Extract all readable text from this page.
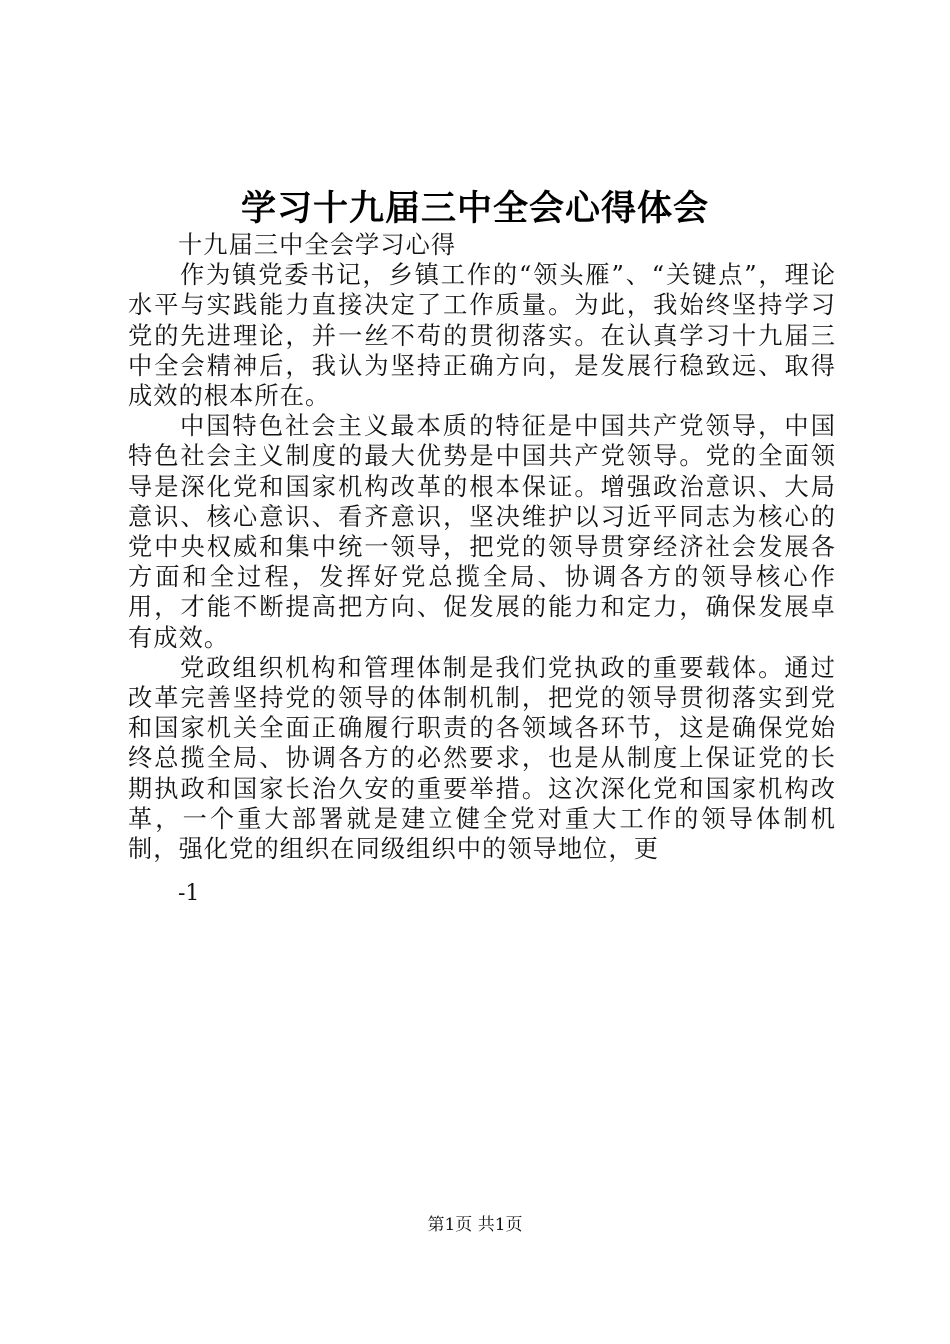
学习十九届三中全会心得体会

十九届三中全会学习心得

作为镇党委书记，乡镇工作的“领头雁”、“关键点”，理论水平与实践能力直接决定了工作质量。为此，我始终坚持学习党的先进理论，并一丝不苟的贯彻落实。在认真学习十九届三中全会精神后，我认为坚持正确方向，是发展行稳致远、取得成效的根本所在。

中国特色社会主义最本质的特征是中国共产党领导，中国特色社会主义制度的最大优势是中国共产党领导。党的全面领导是深化党和国家机构改革的根本保证。增强政治意识、大局意识、核心意识、看齐意识，坚决维护以习近平同志为核心的党中央权威和集中统一领导，把党的领导贯穿经济社会发展各方面和全过程，发挥好党总揽全局、协调各方的领导核心作用，才能不断提高把方向、促发展的能力和定力，确保发展卓有成效。

党政组织机构和管理体制是我们党执政的重要载体。通过改革完善坚持党的领导的体制机制，把党的领导贯彻落实到党和国家机关全面正确履行职责的各领域各环节，这是确保党始终总揽全局、协调各方的必然要求，也是从制度上保证党的长期执政和国家长治久安的重要举措。这次深化党和国家机构改革，一个重大部署就是建立健全党对重大工作的领导体制机制，强化党的组织在同级组织中的领导地位，更

-1
第1页 共1页
